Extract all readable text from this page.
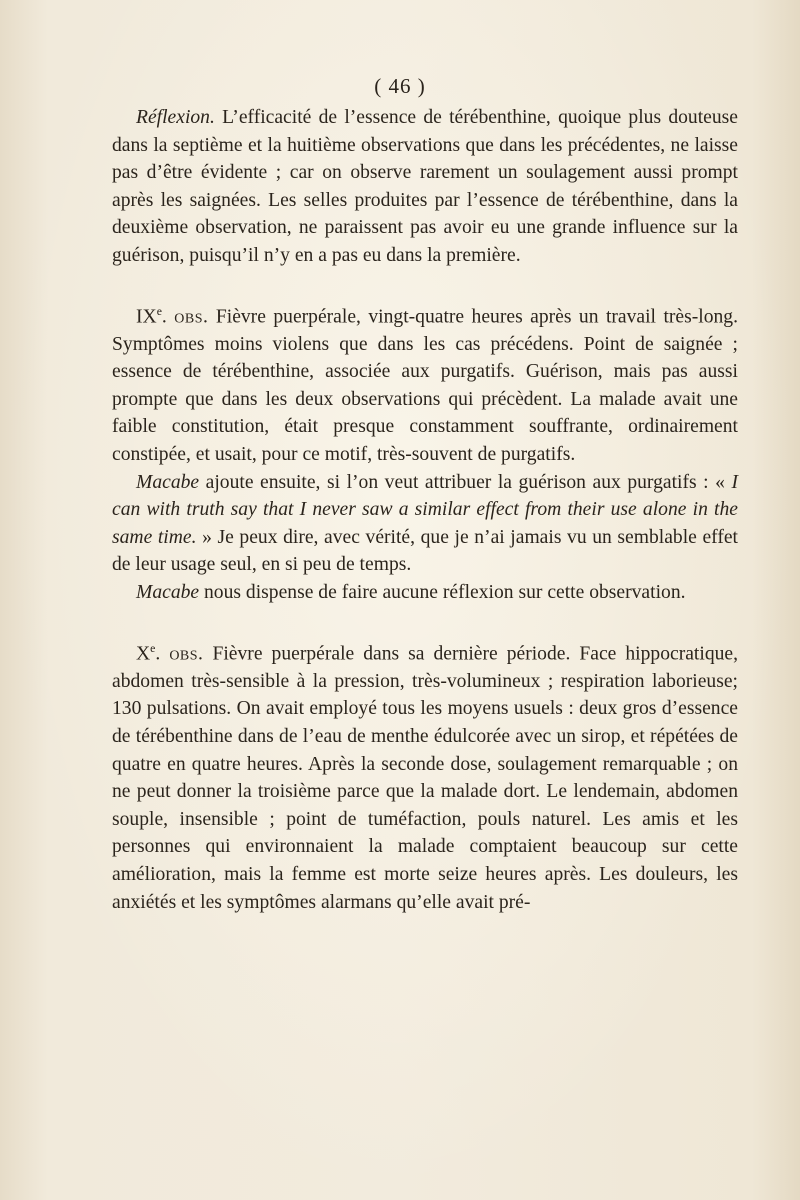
( 46 )

Réflexion. L’efficacité de l’essence de térébenthine, quoique plus douteuse dans la septième et la huitième observations que dans les précédentes, ne laisse pas d’être évidente ; car on observe rarement un soulagement aussi prompt après les saignées. Les selles produites par l’essence de térébenthine, dans la deuxième observation, ne paraissent pas avoir eu une grande influence sur la guérison, puisqu’il n’y en a pas eu dans la première.

IXe. obs. Fièvre puerpérale, vingt-quatre heures après un travail très-long. Symptômes moins violens que dans les cas précédens. Point de saignée ; essence de térébenthine, associée aux purgatifs. Guérison, mais pas aussi prompte que dans les deux observations qui précèdent. La malade avait une faible constitution, était presque constamment souffrante, ordinairement constipée, et usait, pour ce motif, très-souvent de purgatifs.

Macabe ajoute ensuite, si l’on veut attribuer la guérison aux purgatifs : « I can with truth say that I never saw a similar effect from their use alone in the same time. » Je peux dire, avec vérité, que je n’ai jamais vu un semblable effet de leur usage seul, en si peu de temps.

Macabe nous dispense de faire aucune réflexion sur cette observation.

Xe. obs. Fièvre puerpérale dans sa dernière période. Face hippocratique, abdomen très-sensible à la pression, très-volumineux ; respiration laborieuse; 130 pulsations. On avait employé tous les moyens usuels : deux gros d’essence de térébenthine dans de l’eau de menthe édulcorée avec un sirop, et répétées de quatre en quatre heures. Après la seconde dose, soulagement remarquable ; on ne peut donner la troisième parce que la malade dort. Le lendemain, abdomen souple, insensible ; point de tuméfaction, pouls naturel. Les amis et les personnes qui environnaient la malade comptaient beaucoup sur cette amélioration, mais la femme est morte seize heures après. Les douleurs, les anxiétés et les symptômes alarmans qu’elle avait pré-
